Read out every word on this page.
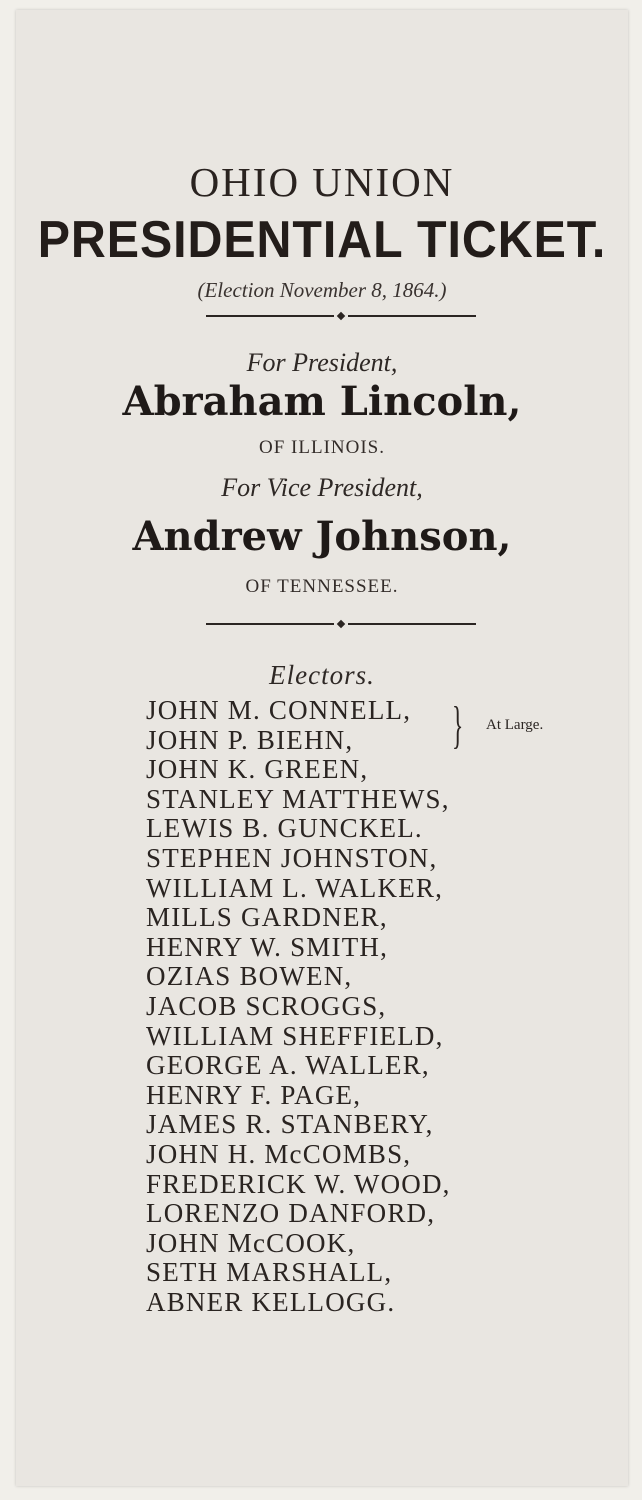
OHIO UNION
PRESIDENTIAL TICKET.
(Election November 8, 1864.)
For President,
Abraham Lincoln,
OF ILLINOIS.
For Vice President,
Andrew Johnson,
OF TENNESSEE.
Electors.
JOHN M. CONNELL,
JOHN P. BIEHN,
JOHN K. GREEN,
STANLEY MATTHEWS,
LEWIS B. GUNCKEL.
STEPHEN JOHNSTON,
WILLIAM L. WALKER,
MILLS GARDNER,
HENRY W. SMITH,
OZIAS BOWEN,
JACOB SCROGGS,
WILLIAM SHEFFIELD,
GEORGE A. WALLER,
HENRY F. PAGE,
JAMES R. STANBERY,
JOHN H. McCOMBS,
FREDERICK W. WOOD,
LORENZO DANFORD,
JOHN McCOOK,
SETH MARSHALL,
ABNER KELLOGG.
} At Large.
